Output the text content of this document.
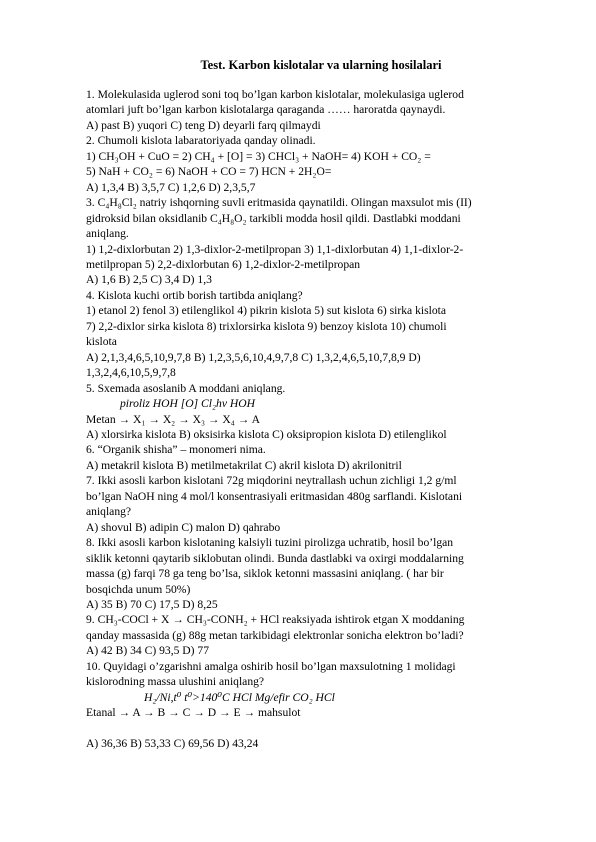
Test. Karbon kislotalar va ularning hosilalari
1. Molekulasida uglerod soni toq bo’lgan karbon kislotalar, molekulasiga uglerod
atomlari juft bo’lgan karbon kislotalarga qaraganda …… haroratda qaynaydi.
A) past B) yuqori C) teng D) deyarli farq qilmaydi
2. Chumoli kislota labaratoriyada qanday olinadi.
1) CH₃OH + CuO = 2) CH₄ + [O] = 3) CHCl₃ + NaOH= 4) KOH + CO₂ =
5) NaH + CO₂ = 6) NaOH + CO = 7) HCN + 2H₂O=
A) 1,3,4 B) 3,5,7 C) 1,2,6 D) 2,3,5,7
3. C₄H₈Cl₂ natriy ishqorning suvli eritmasida qaynatildi. Olingan maxsulot mis (II)
gidroksid bilan oksidlanib C₄H₈O₂ tarkibli modda hosil qildi. Dastlabki moddani
aniqlang.
1) 1,2-dixlorbutan 2) 1,3-dixlor-2-metilpropan 3) 1,1-dixlorbutan 4) 1,1-dixlor-2-
metilpropan 5) 2,2-dixlorbutan 6) 1,2-dixlor-2-metilpropan
A) 1,6 B) 2,5 C) 3,4 D) 1,3
4. Kislota kuchi ortib borish tartibda aniqlang?
1) etanol 2) fenol 3) etilenglikol 4) pikrin kislota 5) sut kislota 6) sirka kislota
7) 2,2-dixlor sirka kislota 8) trixlorsirka kislota 9) benzoy kislota 10) chumoli
kislota
A) 2,1,3,4,6,5,10,9,7,8 B) 1,2,3,5,6,10,4,9,7,8 C) 1,3,2,4,6,5,10,7,8,9 D)
1,3,2,4,6,10,5,9,7,8
5. Sxemada asoslanib A moddani aniqlang.
piroliz HOH [O] Cl₂hν HOH
Metan → X₁ → X₂ → X₃ → X₄ → A
A) xlorsirka kislota B) oksisirka kislota C) oksipropion kislota D) etilenglikol
6. “Organik shisha” – monomeri nima.
A) metakril kislota B) metilmetakrilat C) akril kislota D) akrilonitril
7. Ikki asosli karbon kislotani 72g miqdorini neytrallash uchun zichligi 1,2 g/ml
bo’lgan NaOH ning 4 mol/l konsentrasiyali eritmasidan 480g sarflandi. Kislotani
aniqlang?
A) shovul B) adipin C) malon D) qahrabo
8. Ikki asosli karbon kislotaning kalsiyli tuzini pirolizga uchratib, hosil bo’lgan
siklik ketonni qaytarib siklobutan olindi. Bunda dastlabki va oxirgi moddalarning
massa (g) farqi 78 ga teng bo’lsa, siklok ketonni massasini aniqlang. ( har bir
bosqichda unum 50%)
A) 35 B) 70 C) 17,5 D) 8,25
9. CH₃-COCl + X → CH₃-CONH₂ + HCl reaksiyada ishtirok etgan X moddaning
qanday massasida (g) 88g metan tarkibidagi elektronlar sonicha elektron bo’ladi?
A) 42 B) 34 C) 93,5 D) 77
10. Quyidagi o’zgarishni amalga oshirib hosil bo’lgan maxsulotning 1 molidagi
kislorodning massa ulushini aniqlang?
H₂/Ni,t⁰ t⁰>140⁰C HCl Mg/efir CO₂ HCl
Etanal → A → B → C → D → E → mahsulot
A) 36,36 B) 53,33 C) 69,56 D) 43,24
